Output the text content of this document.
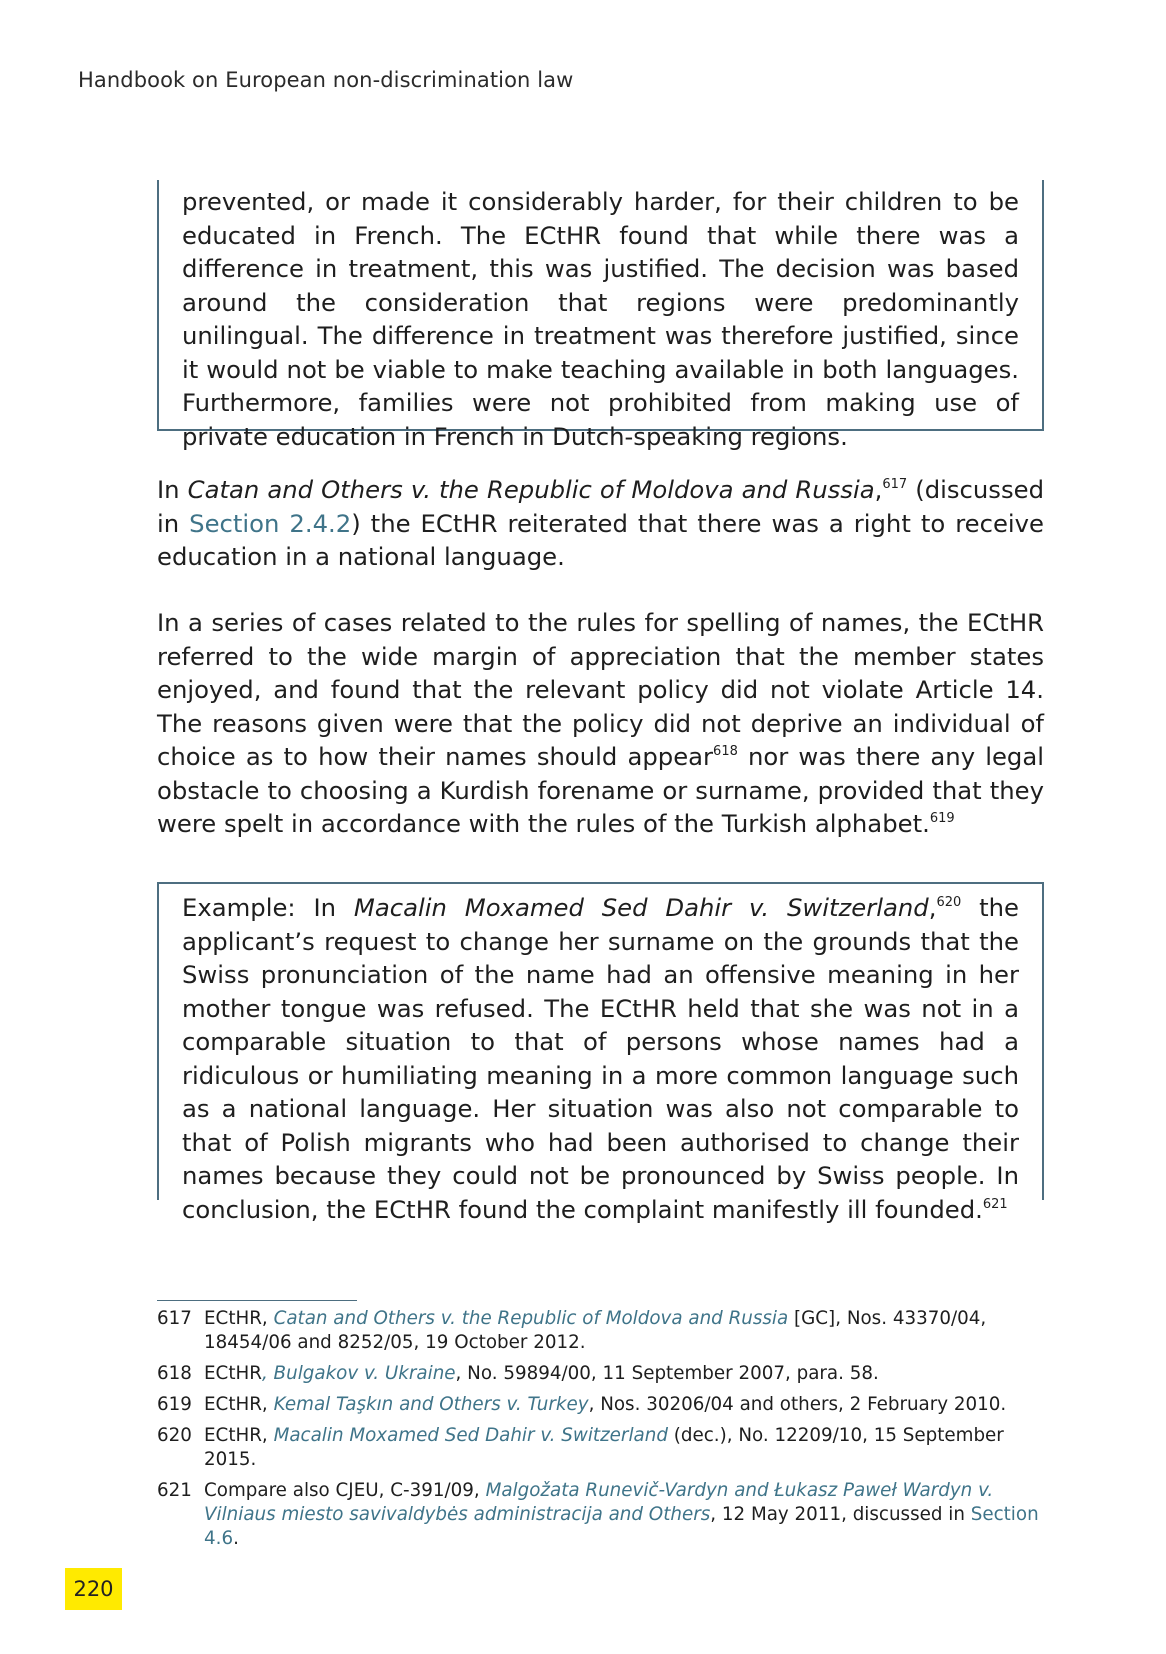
Handbook on European non-discrimination law
prevented, or made it considerably harder, for their children to be educated in French. The ECtHR found that while there was a difference in treatment, this was justified. The decision was based around the consideration that regions were predominantly unilingual. The difference in treatment was therefore justified, since it would not be viable to make teaching available in both languages. Furthermore, families were not prohibited from making use of private education in French in Dutch-speaking regions.
In Catan and Others v. the Republic of Moldova and Russia,$^{617}$ (discussed in Section 2.4.2) the ECtHR reiterated that there was a right to receive education in a national language.
In a series of cases related to the rules for spelling of names, the ECtHR referred to the wide margin of appreciation that the member states enjoyed, and found that the relevant policy did not violate Article 14. The reasons given were that the policy did not deprive an individual of choice as to how their names should appear$^{618}$ nor was there any legal obstacle to choosing a Kurdish forename or surname, provided that they were spelt in accordance with the rules of the Turkish alphabet.$^{619}$
Example: In Macalin Moxamed Sed Dahir v. Switzerland,$^{620}$ the applicant’s request to change her surname on the grounds that the Swiss pronunciation of the name had an offensive meaning in her mother tongue was refused. The ECtHR held that she was not in a comparable situation to that of persons whose names had a ridiculous or humiliating meaning in a more common language such as a national language. Her situation was also not comparable to that of Polish migrants who had been authorised to change their names because they could not be pronounced by Swiss people. In conclusion, the ECtHR found the complaint manifestly ill founded.$^{621}$
617 ECtHR, Catan and Others v. the Republic of Moldova and Russia [GC], Nos. 43370/04, 18454/06 and 8252/05, 19 October 2012.
618 ECtHR, Bulgakov v. Ukraine, No. 59894/00, 11 September 2007, para. 58.
619 ECtHR, Kemal Taşkın and Others v. Turkey, Nos. 30206/04 and others, 2 February 2010.
620 ECtHR, Macalin Moxamed Sed Dahir v. Switzerland (dec.), No. 12209/10, 15 September 2015.
621 Compare also CJEU, C-391/09, Malgožata Runevič-Vardyn and Łukasz Paweł Wardyn v. Vilniaus miesto savivaldybės administracija and Others, 12 May 2011, discussed in Section 4.6.
220
